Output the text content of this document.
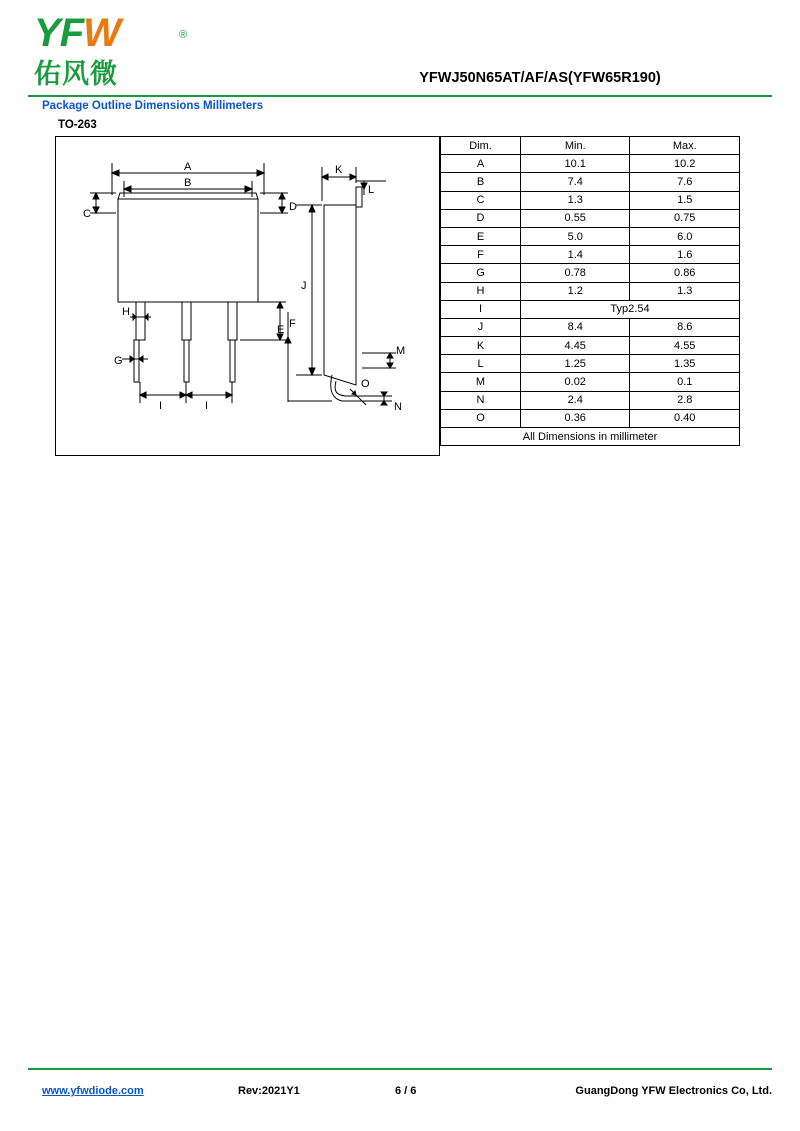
YFW	®
佑风微	YFWJ50N65AT/AF/AS(YFW65R190)
Package Outline Dimensions Millimeters
TO-263
A
B
C
D
F
H
G
I	I
K
L
J
E
M
O
N
Dim.	Min.	Max.
A	10.1	10.2
B	7.4	7.6
C	1.3	1.5
D	0.55	0.75
E	5.0	6.0
F	1.4	1.6
G	0.78	0.86
H	1.2	1.3
I	Typ2.54	
J	8.4	8.6
K	4.45	4.55
L	1.25	1.35
M	0.02	0.1
N	2.4	2.8
O	0.36	0.40
All Dimensions in millimeter		
www.yfwdiode.com	Rev:2021Y1	6 / 6	GuangDong YFW Electronics Co, Ltd.
